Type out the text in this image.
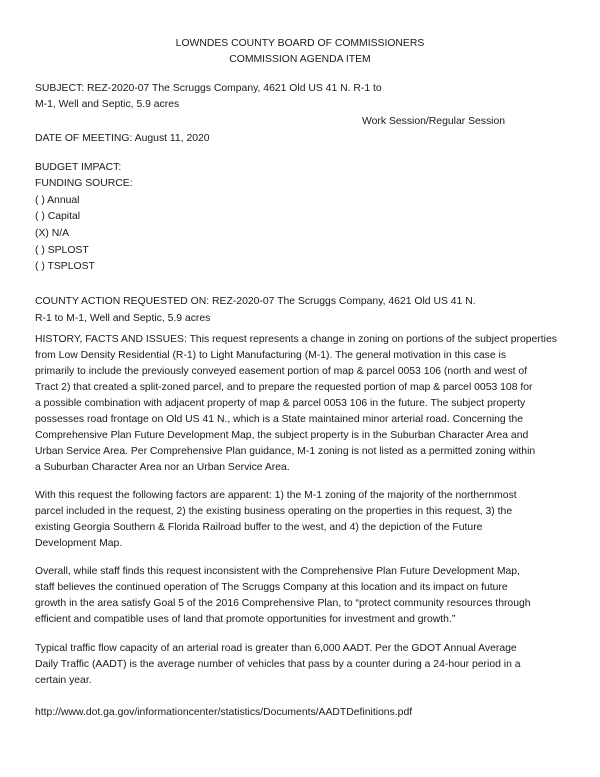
LOWNDES COUNTY BOARD OF COMMISSIONERS
COMMISSION AGENDA ITEM
SUBJECT: REZ-2020-07 The Scruggs Company, 4621 Old US 41 N. R-1 to
M-1, Well and Septic, 5.9 acres
Work Session/Regular Session
DATE OF MEETING: August 11, 2020
BUDGET IMPACT:
FUNDING SOURCE:
( ) Annual
( ) Capital
(X) N/A
( ) SPLOST
( ) TSPLOST
COUNTY ACTION REQUESTED ON: REZ-2020-07 The Scruggs Company, 4621 Old US 41 N.
R-1 to M-1, Well and Septic, 5.9 acres
HISTORY, FACTS AND ISSUES: This request represents a change in zoning on portions of the subject properties
from Low Density Residential (R-1) to Light Manufacturing (M-1). The general motivation in this case is
primarily to include the previously conveyed easement portion of map & parcel 0053 106 (north and west of
Tract 2) that created a split-zoned parcel, and to prepare the requested portion of map & parcel 0053 108 for
a possible combination with adjacent property of map & parcel 0053 106 in the future. The subject property
possesses road frontage on Old US 41 N., which is a State maintained minor arterial road. Concerning the
Comprehensive Plan Future Development Map, the subject property is in the Suburban Character Area and
Urban Service Area. Per Comprehensive Plan guidance, M-1 zoning is not listed as a permitted zoning within
a Suburban Character Area nor an Urban Service Area.
With this request the following factors are apparent: 1) the M-1 zoning of the majority of the northernmost
parcel included in the request, 2) the existing business operating on the properties in this request, 3) the
existing Georgia Southern & Florida Railroad buffer to the west, and 4) the depiction of the Future
Development Map.
Overall, while staff finds this request inconsistent with the Comprehensive Plan Future Development Map,
staff believes the continued operation of The Scruggs Company at this location and its impact on future
growth in the area satisfy Goal 5 of the 2016 Comprehensive Plan, to “protect community resources through
efficient and compatible uses of land that promote opportunities for investment and growth.”
Typical traffic flow capacity of an arterial road is greater than 6,000 AADT. Per the GDOT Annual Average
Daily Traffic (AADT) is the average number of vehicles that pass by a counter during a 24-hour period in a
certain year.
http://www.dot.ga.gov/informationcenter/statistics/Documents/AADTDefinitions.pdf
